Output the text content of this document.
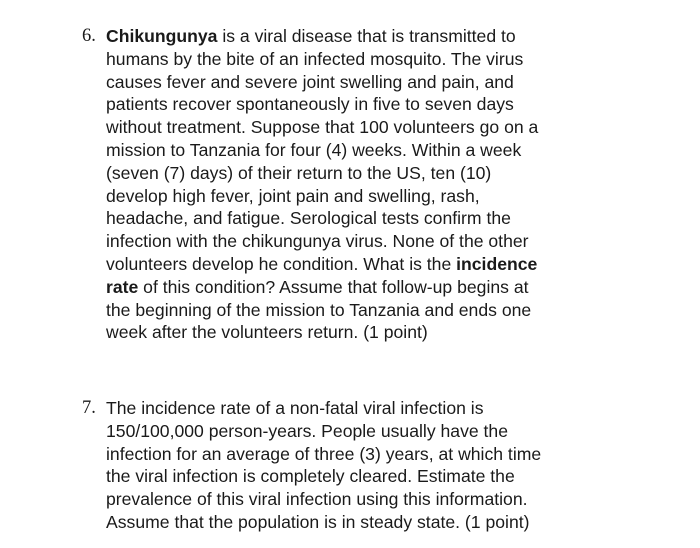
6. Chikungunya is a viral disease that is transmitted to
humans by the bite of an infected mosquito. The virus
causes fever and severe joint swelling and pain, and
patients recover spontaneously in five to seven days
without treatment. Suppose that 100 volunteers go on a
mission to Tanzania for four (4) weeks. Within a week
(seven (7) days) of their return to the US, ten (10)
develop high fever, joint pain and swelling, rash,
headache, and fatigue. Serological tests confirm the
infection with the chikungunya virus. None of the other
volunteers develop he condition. What is the incidence
rate of this condition? Assume that follow-up begins at
the beginning of the mission to Tanzania and ends one
week after the volunteers return. (1 point)
7. The incidence rate of a non-fatal viral infection is
150/100,000 person-years. People usually have the
infection for an average of three (3) years, at which time
the viral infection is completely cleared. Estimate the
prevalence of this viral infection using this information.
Assume that the population is in steady state. (1 point)
